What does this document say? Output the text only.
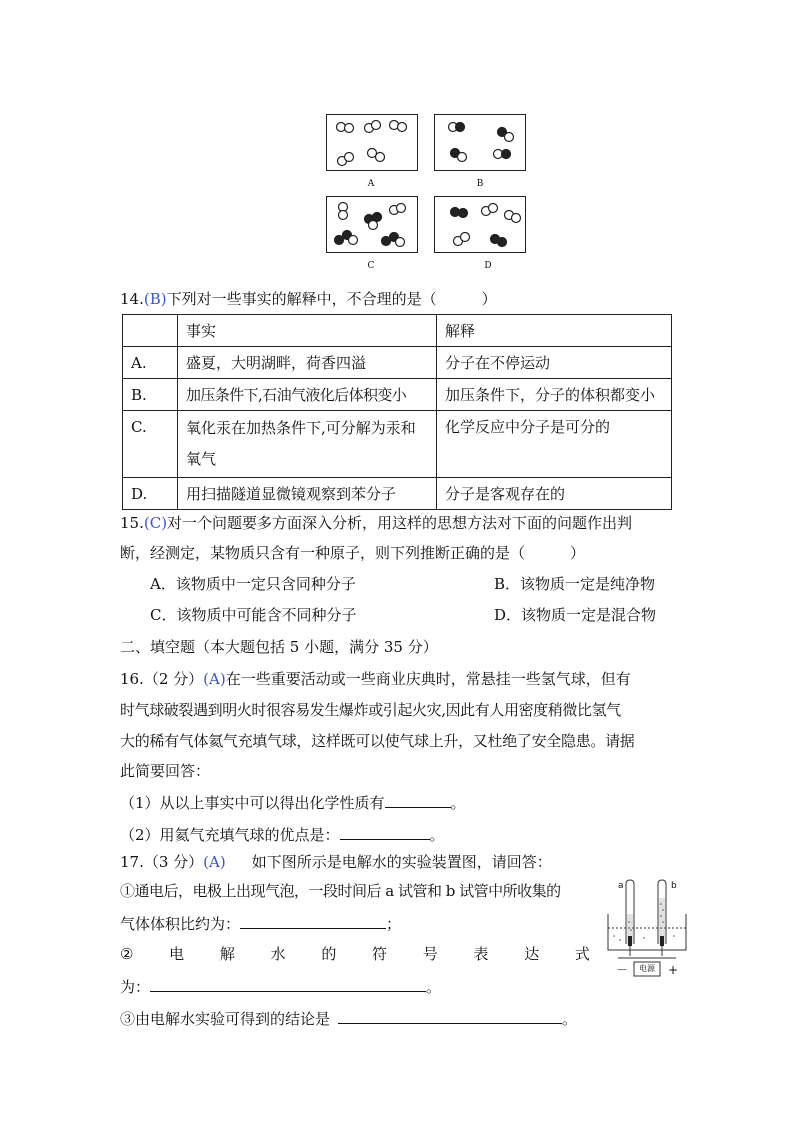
A	B
C	D
14.(B)下列对一些事实的解释中，不合理的是（　　　）
	事实	解释
A.	盛夏，大明湖畔，荷香四溢	分子在不停运动
B.	加压条件下,石油气液化后体积变小	加压条件下，分子的体积都变小
C.	氧化汞在加热条件下,可分解为汞和氧气	化学反应中分子是可分的
D.	用扫描隧道显微镜观察到苯分子	分子是客观存在的
15.(C)对一个问题要多方面深入分析，用这样的思想方法对下面的问题作出判
断，经测定，某物质只含有一种原子，则下列推断正确的是（　　　）
A．该物质中一定只含同种分子	B．该物质一定是纯净物
C．该物质中可能含不同种分子	D．该物质一定是混合物
二、填空题（本大题包括 5 小题，满分 35 分）
16.（2 分）(A)在一些重要活动或一些商业庆典时，常悬挂一些氢气球，但有
时气球破裂遇到明火时很容易发生爆炸或引起火灾,因此有人用密度稍微比氢气
大的稀有气体氦气充填气球，这样既可以使气球上升，又杜绝了安全隐患。请据
此简要回答：
（1）从以上事实中可以得出化学性质有	。
（2）用氦气充填气球的优点是：	。
17.（3 分）(A) 如下图所示是电解水的实验装置图，请回答：
①通电后，电极上出现气泡，一段时间后 a 试管和 b 试管中所收集的
气体体积比约为：	；
② 电 解 水 的 符 号 表 达 式
为：	。
③由电解水实验可得到的结论是	。
a	b
－	+
电源
